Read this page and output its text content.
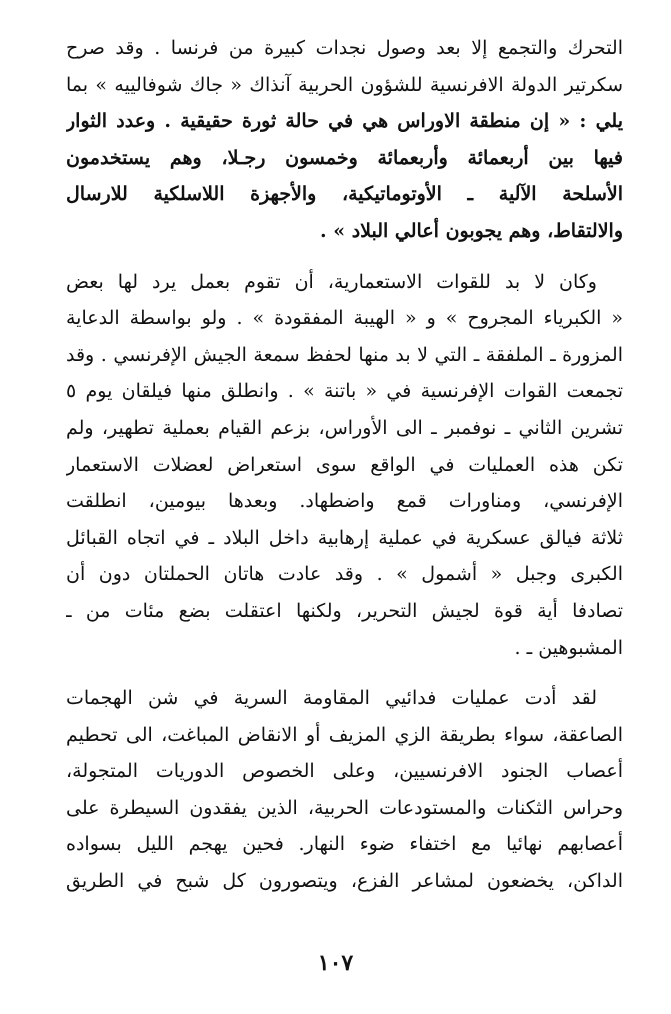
التحرك والتجمع إلا بعد وصول نجدات كبيرة من فرنسا . وقد صرح
سكرتير الدولة الافرنسية للشؤون الحربية آنذاك « جاك شوفالييه » بما
يلي : « إن منطقة الاوراس هي في حالة ثورة حقيقية . وعدد الثوار
فيها بين أربعمائة وأربعمائة وخمسون رجـلا، وهم يستخدمون
الأسلحة الآلية ـ الأوتوماتيكية، والأجهزة اللاسلكية للارسال
والالتقاط، وهم يجوبون أعالي البلاد » .

وكان لا بد للقوات الاستعمارية، أن تقوم بعمل يرد لها بعض
« الكبرياء المجروح » و « الهيبة المفقودة » . ولو بواسطة الدعاية
المزورة ـ الملفقة ـ التي لا بد منها لحفظ سمعة الجيش الإفرنسي . وقد
تجمعت القوات الإفرنسية في « باتنة » . وانطلق منها فيلقان يوم ٥
تشرين الثاني ـ نوفمبر ـ الى الأوراس، بزعم القيام بعملية تطهير، ولم
تكن هذه العمليات في الواقع سوى استعراض لعضلات الاستعمار
الإفرنسي، ومناورات قمع واضطهاد. وبعدها بيومين، انطلقت
ثلاثة فيالق عسكرية في عملية إرهابية داخل البلاد ـ في اتجاه القبائل
الكبرى وجبل « أشمول » . وقد عادت هاتان الحملتان دون أن
تصادفا أية قوة لجيش التحرير، ولكنها اعتقلت بضع مئات من ـ
المشبوهين ـ .

لقد أدت عمليات فدائيي المقاومة السرية في شن الهجمات
الصاعقة، سواء بطريقة الزي المزيف أو الانقاض المباغت، الى تحطيم
أعصاب الجنود الافرنسيين، وعلى الخصوص الدوريات المتجولة،
وحراس الثكنات والمستودعات الحربية، الذين يفقدون السيطرة على
أعصابهم نهائيا مع اختفاء ضوء النهار. فحين يهجم الليل بسواده
الداكن، يخضعون لمشاعر الفزع، ويتصورون كل شبح في الطريق

١٠٧
